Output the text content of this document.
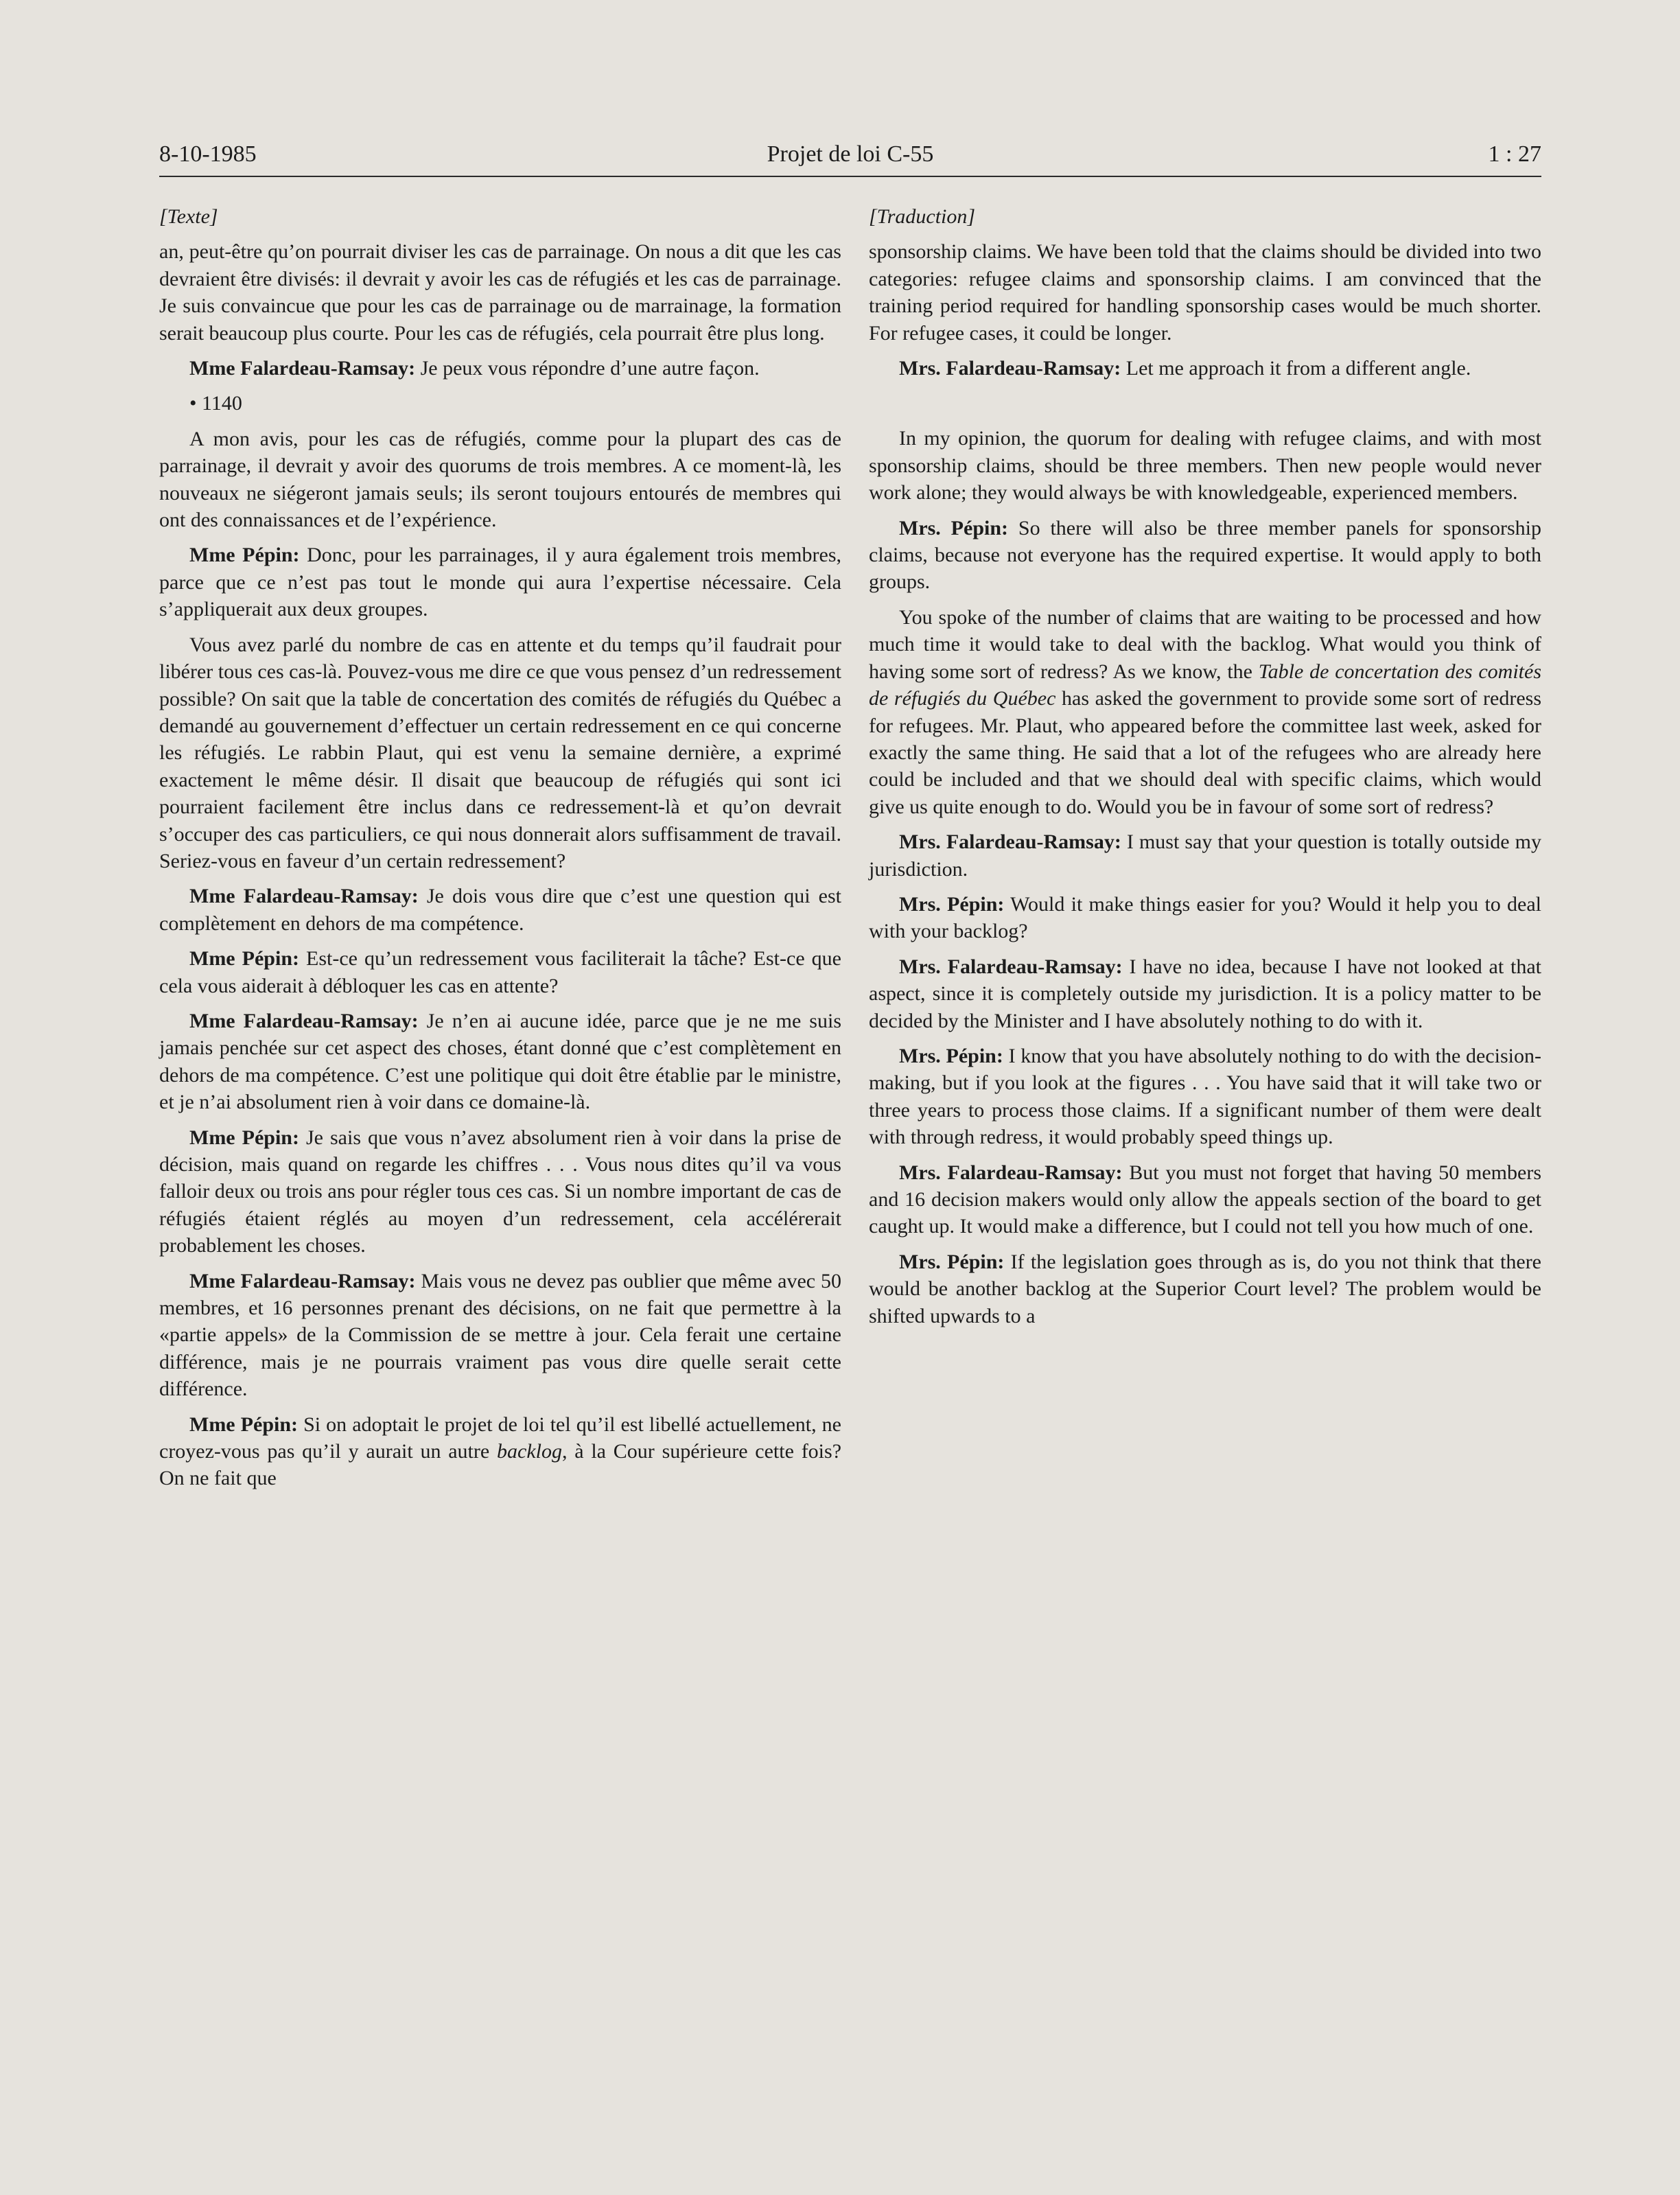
8-10-1985	Projet de loi C-55	1 : 27

[Texte]

an, peut-être qu’on pourrait diviser les cas de parrainage. On nous a dit que les cas devraient être divisés: il devrait y avoir les cas de réfugiés et les cas de parrainage. Je suis convaincue que pour les cas de parrainage ou de marrainage, la formation serait beaucoup plus courte. Pour les cas de réfugiés, cela pourrait être plus long.

Mme Falardeau-Ramsay: Je peux vous répondre d’une autre façon.

• 1140

A mon avis, pour les cas de réfugiés, comme pour la plupart des cas de parrainage, il devrait y avoir des quorums de trois membres. A ce moment-là, les nouveaux ne siégeront jamais seuls; ils seront toujours entourés de membres qui ont des connaissances et de l’expérience.

Mme Pépin: Donc, pour les parrainages, il y aura également trois membres, parce que ce n’est pas tout le monde qui aura l’expertise nécessaire. Cela s’appliquerait aux deux groupes.

Vous avez parlé du nombre de cas en attente et du temps qu’il faudrait pour libérer tous ces cas-là. Pouvez-vous me dire ce que vous pensez d’un redressement possible? On sait que la table de concertation des comités de réfugiés du Québec a demandé au gouvernement d’effectuer un certain redressement en ce qui concerne les réfugiés. Le rabbin Plaut, qui est venu la semaine dernière, a exprimé exactement le même désir. Il disait que beaucoup de réfugiés qui sont ici pourraient facilement être inclus dans ce redressement-là et qu’on devrait s’occuper des cas particuliers, ce qui nous donnerait alors suffisamment de travail. Seriez-vous en faveur d’un certain redressement?

Mme Falardeau-Ramsay: Je dois vous dire que c’est une question qui est complètement en dehors de ma compétence.

Mme Pépin: Est-ce qu’un redressement vous faciliterait la tâche? Est-ce que cela vous aiderait à débloquer les cas en attente?

Mme Falardeau-Ramsay: Je n’en ai aucune idée, parce que je ne me suis jamais penchée sur cet aspect des choses, étant donné que c’est complètement en dehors de ma compétence. C’est une politique qui doit être établie par le ministre, et je n’ai absolument rien à voir dans ce domaine-là.

Mme Pépin: Je sais que vous n’avez absolument rien à voir dans la prise de décision, mais quand on regarde les chiffres . . . Vous nous dites qu’il va vous falloir deux ou trois ans pour régler tous ces cas. Si un nombre important de cas de réfugiés étaient réglés au moyen d’un redressement, cela accélérerait probablement les choses.

Mme Falardeau-Ramsay: Mais vous ne devez pas oublier que même avec 50 membres, et 16 personnes prenant des décisions, on ne fait que permettre à la «partie appels» de la Commission de se mettre à jour. Cela ferait une certaine différence, mais je ne pourrais vraiment pas vous dire quelle serait cette différence.

Mme Pépin: Si on adoptait le projet de loi tel qu’il est libellé actuellement, ne croyez-vous pas qu’il y aurait un autre backlog, à la Cour supérieure cette fois? On ne fait que

[Traduction]

sponsorship claims. We have been told that the claims should be divided into two categories: refugee claims and sponsorship claims. I am convinced that the training period required for handling sponsorship cases would be much shorter. For refugee cases, it could be longer.

Mrs. Falardeau-Ramsay: Let me approach it from a different angle.

In my opinion, the quorum for dealing with refugee claims, and with most sponsorship claims, should be three members. Then new people would never work alone; they would always be with knowledgeable, experienced members.

Mrs. Pépin: So there will also be three member panels for sponsorship claims, because not everyone has the required expertise. It would apply to both groups.

You spoke of the number of claims that are waiting to be processed and how much time it would take to deal with the backlog. What would you think of having some sort of redress? As we know, the Table de concertation des comités de réfugiés du Québec has asked the government to provide some sort of redress for refugees. Mr. Plaut, who appeared before the committee last week, asked for exactly the same thing. He said that a lot of the refugees who are already here could be included and that we should deal with specific claims, which would give us quite enough to do. Would you be in favour of some sort of redress?

Mrs. Falardeau-Ramsay: I must say that your question is totally outside my jurisdiction.

Mrs. Pépin: Would it make things easier for you? Would it help you to deal with your backlog?

Mrs. Falardeau-Ramsay: I have no idea, because I have not looked at that aspect, since it is completely outside my jurisdiction. It is a policy matter to be decided by the Minister and I have absolutely nothing to do with it.

Mrs. Pépin: I know that you have absolutely nothing to do with the decision-making, but if you look at the figures . . . You have said that it will take two or three years to process those claims. If a significant number of them were dealt with through redress, it would probably speed things up.

Mrs. Falardeau-Ramsay: But you must not forget that having 50 members and 16 decision makers would only allow the appeals section of the board to get caught up. It would make a difference, but I could not tell you how much of one.

Mrs. Pépin: If the legislation goes through as is, do you not think that there would be another backlog at the Superior Court level? The problem would be shifted upwards to a
